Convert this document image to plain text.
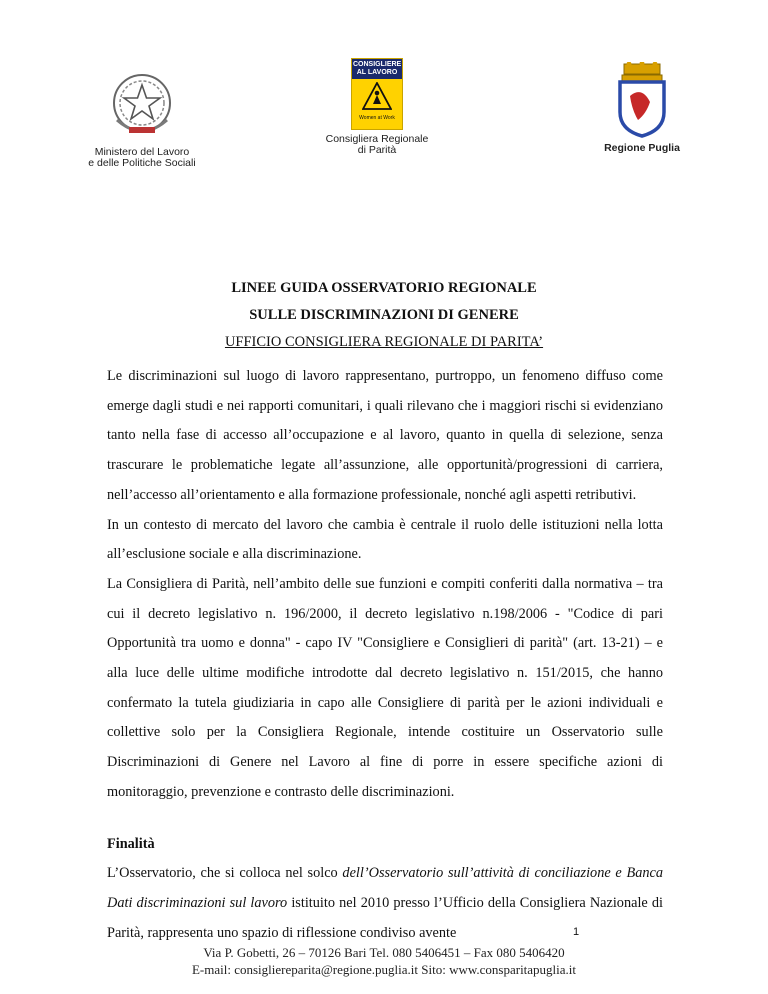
Ministero del Lavoro
e delle Politiche Sociali
CONSIGLIERE AL LAVORO
Women at Work
Consigliera Regionale
di Parità	Regione Puglia
LINEE GUIDA OSSERVATORIO REGIONALE
SULLE DISCRIMINAZIONI DI GENERE
UFFICIO CONSIGLIERA REGIONALE DI PARITA’

Le discriminazioni sul luogo di lavoro rappresentano, purtroppo, un fenomeno diffuso come emerge dagli studi e nei rapporti comunitari, i quali rilevano che i maggiori rischi si evidenziano tanto nella fase di accesso all’occupazione e al lavoro, quanto in quella di selezione, senza trascurare le problematiche legate all’assunzione, alle opportunità/progressioni di carriera, nell’accesso all’orientamento e alla formazione professionale, nonché agli aspetti retributivi.

In un contesto di mercato del lavoro che cambia è centrale il ruolo delle istituzioni nella lotta all’esclusione sociale e alla discriminazione.

La Consigliera di Parità, nell’ambito delle sue funzioni e compiti conferiti dalla normativa – tra cui il decreto legislativo n. 196/2000, il decreto legislativo n.198/2006 - "Codice di pari Opportunità tra uomo e donna" - capo IV "Consigliere e Consiglieri di parità" (art. 13-21) – e alla luce delle ultime modifiche introdotte dal decreto legislativo n. 151/2015, che hanno confermato la tutela giudiziaria in capo alle Consigliere di parità per le azioni individuali e collettive solo per la Consigliera Regionale, intende costituire un Osservatorio sulle Discriminazioni di Genere nel Lavoro al fine di porre in essere specifiche azioni di monitoraggio, prevenzione e contrasto delle discriminazioni.

Finalità

L’Osservatorio, che si colloca nel solco dell’Osservatorio sull’attività di conciliazione e Banca Dati discriminazioni sul lavoro istituito nel 2010 presso l’Ufficio della Consigliera Nazionale di Parità, rappresenta uno spazio di riflessione condiviso avente	1
Via P. Gobetti, 26 – 70126 Bari Tel. 080 5406451 – Fax 080 5406420
E-mail: consigliereparita@regione.puglia.it Sito: www.consparitapuglia.it
